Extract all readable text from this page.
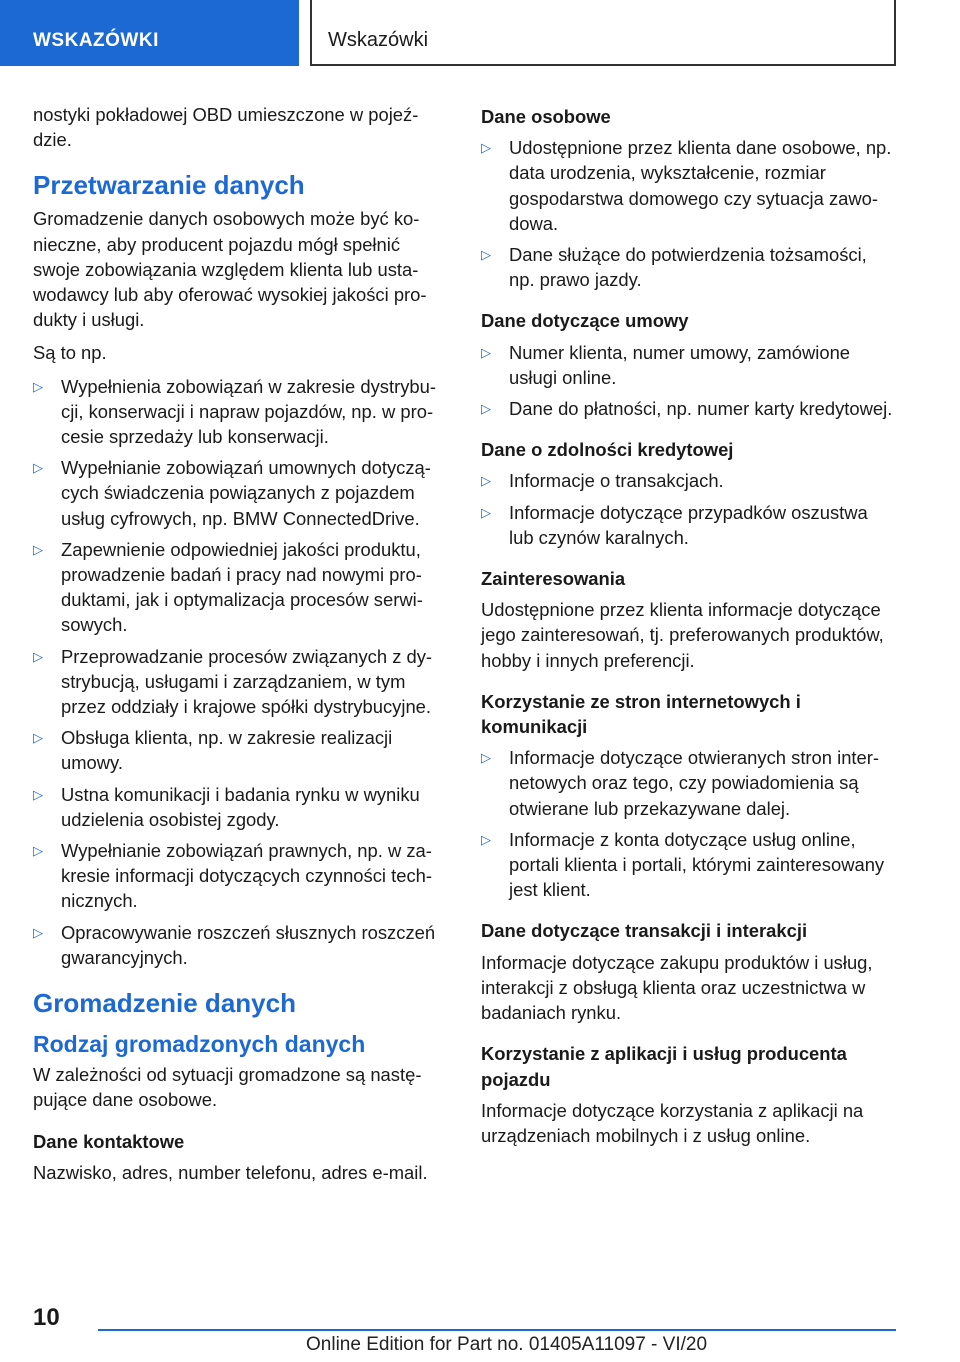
WSKAZÓWKI	Wskazówki

nostyki pokładowej OBD umieszczone w pojeździe.

Przetwarzanie danych

Gromadzenie danych osobowych może być konieczne, aby producent pojazdu mógł spełnić swoje zobowiązania względem klienta lub ustawodawcy lub aby oferować wysokiej jakości produkty i usługi.

Są to np.

▷ Wypełnienia zobowiązań w zakresie dystrybucji, konserwacji i napraw pojazdów, np. w procesie sprzedaży lub konserwacji.
▷ Wypełnianie zobowiązań umownych dotyczących świadczenia powiązanych z pojazdem usług cyfrowych, np. BMW ConnectedDrive.
▷ Zapewnienie odpowiedniej jakości produktu, prowadzenie badań i pracy nad nowymi produktami, jak i optymalizacja procesów serwisowych.
▷ Przeprowadzanie procesów związanych z dystrybucją, usługami i zarządzaniem, w tym przez oddziały i krajowe spółki dystrybucyjne.
▷ Obsługa klienta, np. w zakresie realizacji umowy.
▷ Ustna komunikacji i badania rynku w wyniku udzielenia osobistej zgody.
▷ Wypełnianie zobowiązań prawnych, np. w zakresie informacji dotyczących czynności technicznych.
▷ Opracowywanie roszczeń słusznych roszczeń gwarancyjnych.
Gromadzenie danych
Rodzaj gromadzonych danych

W zależności od sytuacji gromadzone są następujące dane osobowe.

Dane kontaktowe

Nazwisko, adres, number telefonu, adres e-mail.

Dane osobowe
▷ Udostępnione przez klienta dane osobowe, np. data urodzenia, wykształcenie, rozmiar gospodarstwa domowego czy sytuacja zawodowa.
▷ Dane służące do potwierdzenia tożsamości, np. prawo jazdy.
Dane dotyczące umowy
▷ Numer klienta, numer umowy, zamówione usługi online.
▷ Dane do płatności, np. numer karty kredytowej.
Dane o zdolności kredytowej
▷ Informacje o transakcjach.
▷ Informacje dotyczące przypadków oszustwa lub czynów karalnych.
Zainteresowania

Udostępnione przez klienta informacje dotyczące jego zainteresowań, tj. preferowanych produktów, hobby i innych preferencji.

Korzystanie ze stron internetowych i komunikacji
▷ Informacje dotyczące otwieranych stron internetowych oraz tego, czy powiadomienia są otwierane lub przekazywane dalej.
▷ Informacje z konta dotyczące usług online, portali klienta i portali, którymi zainteresowany jest klient.
Dane dotyczące transakcji i interakcji

Informacje dotyczące zakupu produktów i usług, interakcji z obsługą klienta oraz uczestnictwa w badaniach rynku.

Korzystanie z aplikacji i usług producenta pojazdu

Informacje dotyczące korzystania z aplikacji na urządzeniach mobilnych i z usług online.

10
Online Edition for Part no. 01405A11097 - VI/20
